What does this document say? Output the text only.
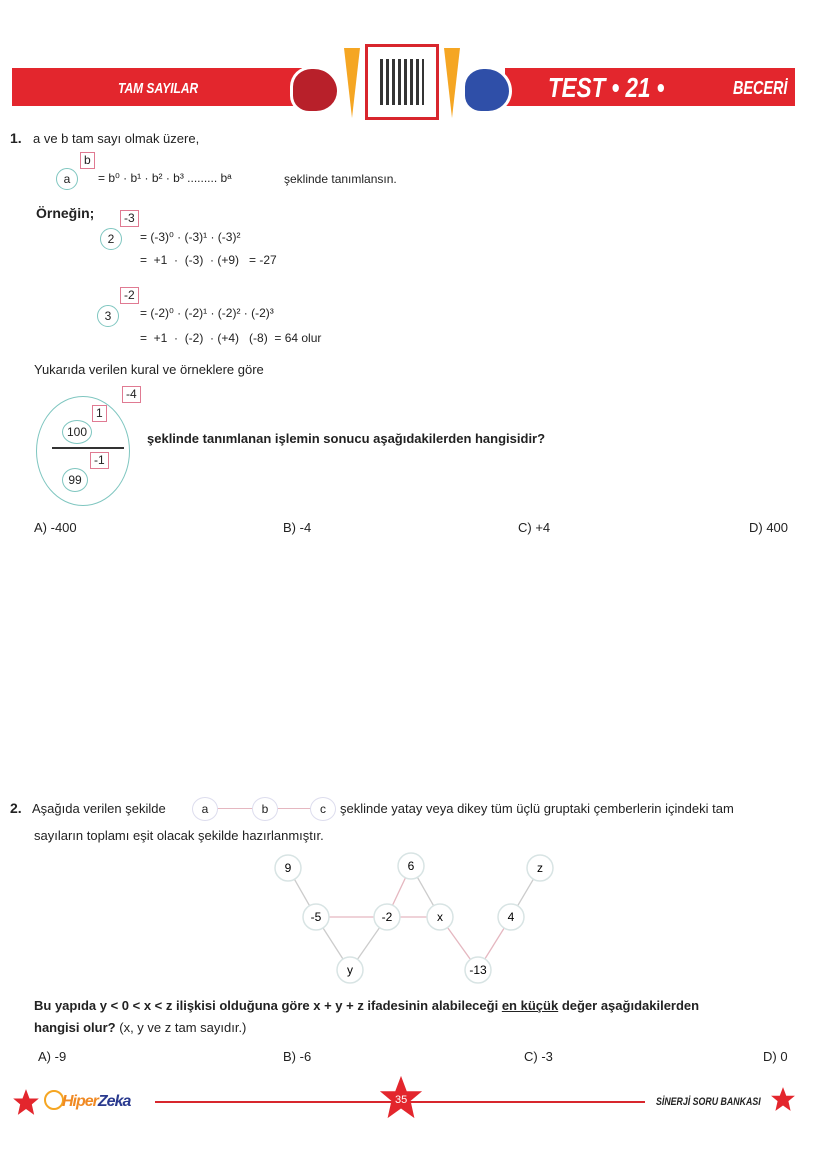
TAM SAYILAR	TEST • 21 •	BECERİ
1. a ve b tam sayı olmak üzere,
a
b
= b⁰ · b¹ · b² · b³ ......... bᵃ	şeklinde tanımlansın.
Örneğin;
2
-3
= (-3)⁰ · (-3)¹ · (-3)²
=  +1  ·  (-3)  · (+9)   = -27
3
-2
= (-2)⁰ · (-2)¹ · (-2)² · (-2)³
=  +1  ·  (-2)  · (+4)   (-8)  = 64 olur
Yukarıda verilen kural ve örneklere göre
-4
100
1
99
-1
şeklinde tanımlanan işlemin sonucu aşağıdakilerden hangisidir?
A) -400	B) -4	C) +4	D) 400
2. Aşağıda verilen şekilde	a	b	c	şeklinde yatay veya dikey tüm üçlü gruptaki çemberlerin içindeki tam
sayıların toplamı eşit olacak şekilde hazırlanmıştır.
9	6	z
-5	-2	x	4
y	-13
Bu yapıda y < 0 < x < z ilişkisi olduğuna göre x + y + z ifadesinin alabileceği en küçük değer aşağıdakilerden
hangisi olur? (x, y ve z tam sayıdır.)
A) -9	B) -6	C) -3	D) 0
HiperZeka	35	SİNERJİ SORU BANKASI
